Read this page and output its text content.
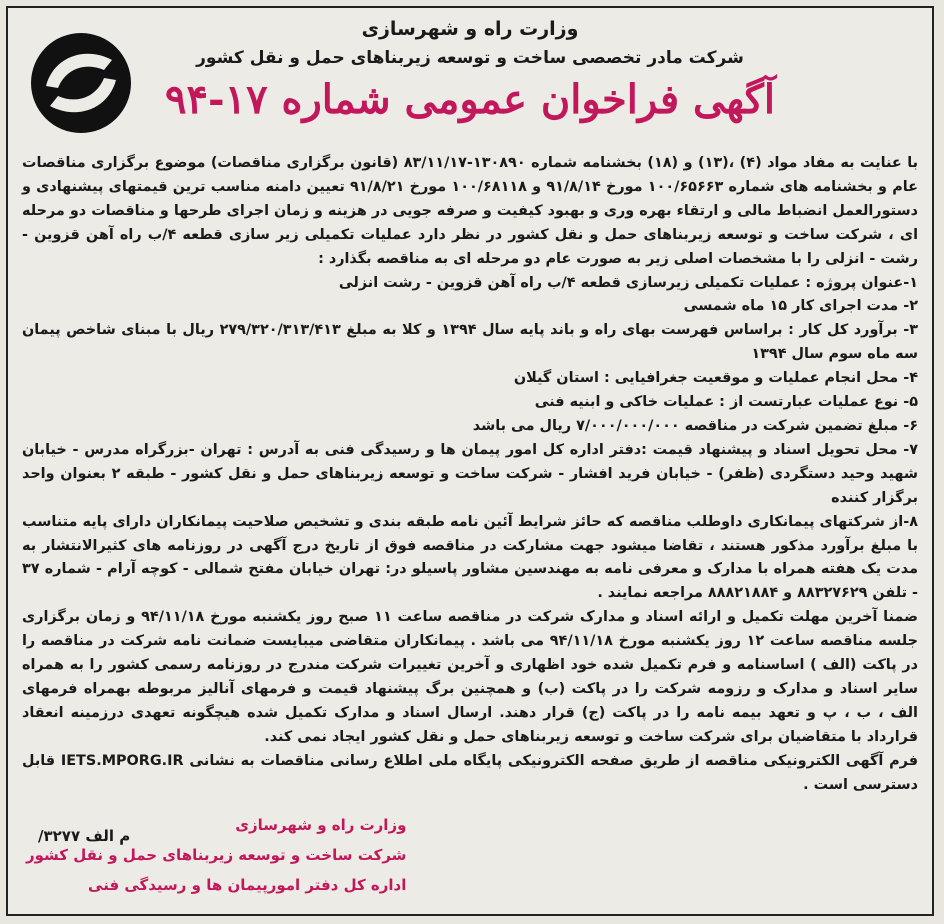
وزارت راه و شهرسازی
شرکت مادر تخصصی ساخت و توسعه زیربناهای حمل و نقل کشور
آگهی فراخوان عمومی شماره ۱۷-۹۴

با عنایت به مفاد مواد (۴) ،(۱۳) و (۱۸) بخشنامه شماره ۱۳۰۸۹۰-۸۳/۱۱/۱۷ (قانون برگزاری مناقصات) موضوع برگزاری مناقصات عام و بخشنامه های شماره ۱۰۰/۶۵۶۶۳ مورخ ۹۱/۸/۱۴ و ۱۰۰/۶۸۱۱۸ مورخ ۹۱/۸/۲۱ تعیین دامنه مناسب ترین قیمتهای پیشنهادی و دستورالعمل انضباط مالی و ارتقاء بهره وری و بهبود کیفیت و صرفه جویی در هزینه و زمان اجرای طرحها و مناقصات دو مرحله ای ، شرکت ساخت و توسعه زیربناهای حمل و نقل کشور در نظر دارد عملیات تکمیلی زیر سازی قطعه ۴/ب راه آهن قزوین - رشت - انزلی را با مشخصات اصلی زیر به صورت عام دو مرحله ای به مناقصه بگذارد :

۱-عنوان پروژه : عملیات تکمیلی زیرسازی قطعه ۴/ب راه آهن قزوین - رشت انزلی

۲- مدت اجرای کار ۱۵ ماه شمسی

۳- برآورد کل کار : براساس فهرست بهای راه و باند پایه سال ۱۳۹۴ و کلا به مبلغ ۲۷۹/۳۲۰/۳۱۳/۴۱۳ ریال با مبنای شاخص پیمان سه ماه سوم سال ۱۳۹۴

۴- محل انجام عملیات و موقعیت جغرافیایی : استان گیلان

۵- نوع عملیات عبارتست از : عملیات خاکی و ابنیه فنی

۶- مبلغ تضمین شرکت در مناقصه ۷/۰۰۰/۰۰۰/۰۰۰ ریال می باشد

۷- محل تحویل اسناد و پیشنهاد قیمت :دفتر اداره کل امور پیمان ها و رسیدگی فنی به آدرس : تهران -بزرگراه مدرس - خیابان شهید وحید دستگردی (ظفر) - خیابان فرید افشار - شرکت ساخت و توسعه زیربناهای حمل و نقل کشور - طبقه ۲ بعنوان واحد برگزار کننده

۸-از شرکتهای پیمانکاری داوطلب مناقصه که حائز شرایط آئین نامه طبقه بندی و تشخیص صلاحیت پیمانکاران دارای پایه متناسب با مبلغ برآورد مذکور هستند ، تقاضا میشود جهت مشارکت در مناقصه فوق از تاریخ درج آگهی در روزنامه های کثیرالانتشار به مدت یک هفته همراه با مدارک و معرفی نامه به مهندسین مشاور پاسیلو در: تهران خیابان مفتح شمالی - کوچه آرام - شماره ۳۷ - تلفن ۸۸۳۲۷۶۲۹ و ۸۸۸۲۱۸۸۴ مراجعه نمایند .

ضمنا آخرین مهلت تکمیل و ارائه اسناد و مدارک شرکت در مناقصه ساعت ۱۱ صبح روز یکشنبه مورخ ۹۴/۱۱/۱۸ و زمان برگزاری جلسه مناقصه ساعت ۱۲ روز یکشنبه مورخ ۹۴/۱۱/۱۸ می باشد . پیمانکاران متقاضی میبایست ضمانت نامه شرکت در مناقصه را در پاکت (الف ) اساسنامه و فرم تکمیل شده خود اظهاری و آخرین تغییرات شرکت مندرج در روزنامه رسمی کشور را به همراه سایر اسناد و مدارک و رزومه شرکت را در پاکت (ب) و همچنین برگ پیشنهاد قیمت و فرمهای آنالیز مربوطه بهمراه فرمهای الف ، ب ، پ و تعهد بیمه نامه را در پاکت (ج) قرار دهند. ارسال اسناد و مدارک تکمیل شده هیچگونه تعهدی درزمینه انعقاد قرارداد با متقاضیان برای شرکت ساخت و توسعه زیربناهای حمل و نقل کشور ایجاد نمی کند.

فرم آگهی الکترونیکی مناقصه از طریق صفحه الکترونیکی پایگاه ملی اطلاع رسانی مناقصات به نشانی IETS.MPORG.IR قابل دسترسی است .

م الف ۳۲۷۷/
وزارت راه و شهرسازی
شرکت ساخت و توسعه زیربناهای حمل و نقل کشور
اداره کل دفتر امورپیمان ها و رسیدگی فنی
